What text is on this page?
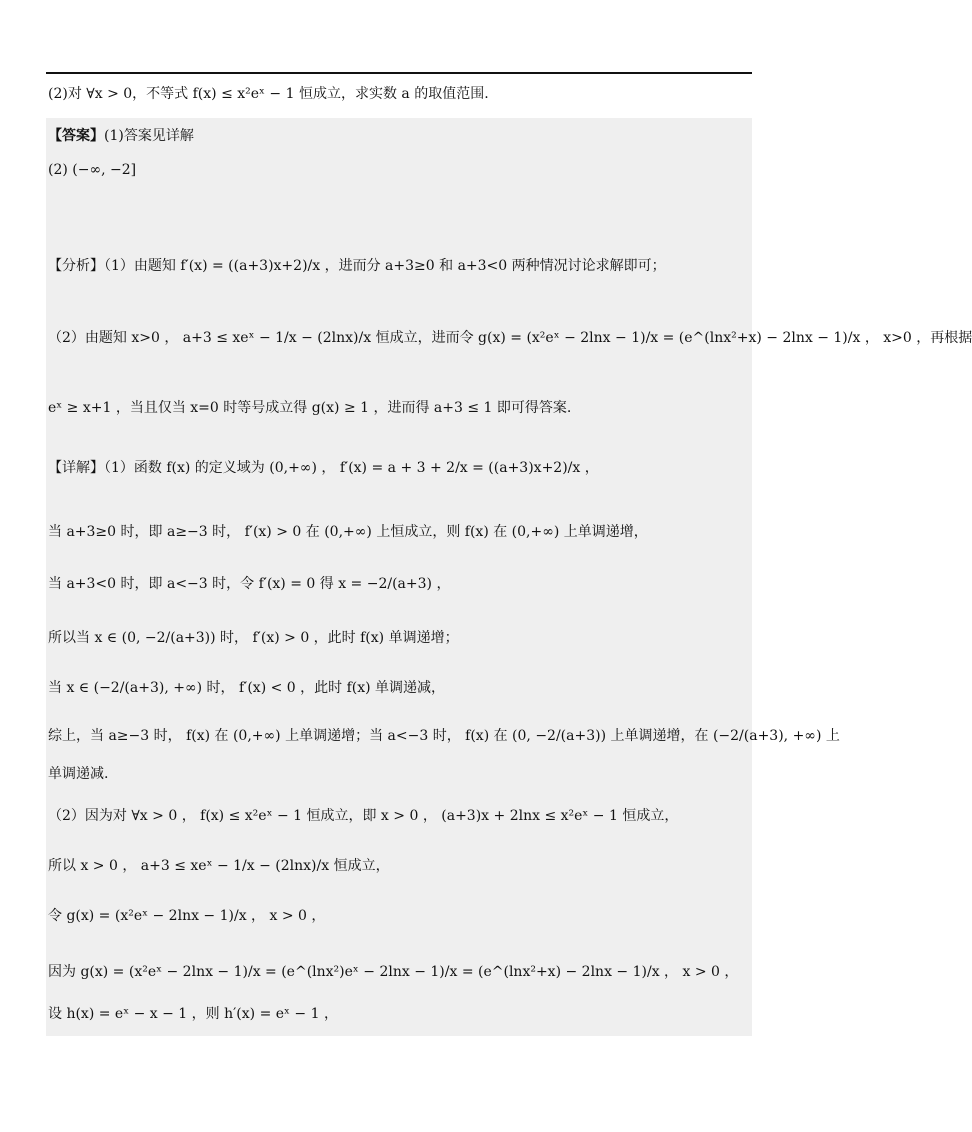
(2)对 ∀x > 0，不等式 f(x) ≤ x²eˣ − 1 恒成立，求实数 a 的取值范围.
【答案】(1)答案见详解
(2) (−∞, −2]
【分析】（1）由题知 f′(x) = ((a+3)x+2)/x ，进而分 a+3≥0 和 a+3<0 两种情况讨论求解即可；
（2）由题知 x>0 ， a+3 ≤ xeˣ − 1/x − (2lnx)/x 恒成立，进而令 g(x) = (x²eˣ − 2lnx − 1)/x = (e^(lnx²+x) − 2lnx − 1)/x ， x>0 ，再根据
eˣ ≥ x+1 ，当且仅当 x=0 时等号成立得 g(x) ≥ 1 ，进而得 a+3 ≤ 1 即可得答案.
【详解】（1）函数 f(x) 的定义域为 (0,+∞) ， f′(x) = a + 3 + 2/x = ((a+3)x+2)/x ，
当 a+3≥0 时，即 a≥−3 时， f′(x) > 0 在 (0,+∞) 上恒成立，则 f(x) 在 (0,+∞) 上单调递增，
当 a+3<0 时，即 a<−3 时，令 f′(x) = 0 得 x = −2/(a+3) ，
所以当 x ∈ (0, −2/(a+3)) 时， f′(x) > 0 ，此时 f(x) 单调递增；
当 x ∈ (−2/(a+3), +∞) 时， f′(x) < 0 ，此时 f(x) 单调递减，
综上，当 a≥−3 时， f(x) 在 (0,+∞) 上单调递增；当 a<−3 时， f(x) 在 (0, −2/(a+3)) 上单调递增，在 (−2/(a+3), +∞) 上
单调递减.
（2）因为对 ∀x > 0 ， f(x) ≤ x²eˣ − 1 恒成立，即 x > 0 ， (a+3)x + 2lnx ≤ x²eˣ − 1 恒成立，
所以 x > 0 ， a+3 ≤ xeˣ − 1/x − (2lnx)/x 恒成立，
令 g(x) = (x²eˣ − 2lnx − 1)/x ， x > 0 ，
因为 g(x) = (x²eˣ − 2lnx − 1)/x = (e^(lnx²)eˣ − 2lnx − 1)/x = (e^(lnx²+x) − 2lnx − 1)/x ， x > 0 ，
设 h(x) = eˣ − x − 1 ，则 h′(x) = eˣ − 1 ，
